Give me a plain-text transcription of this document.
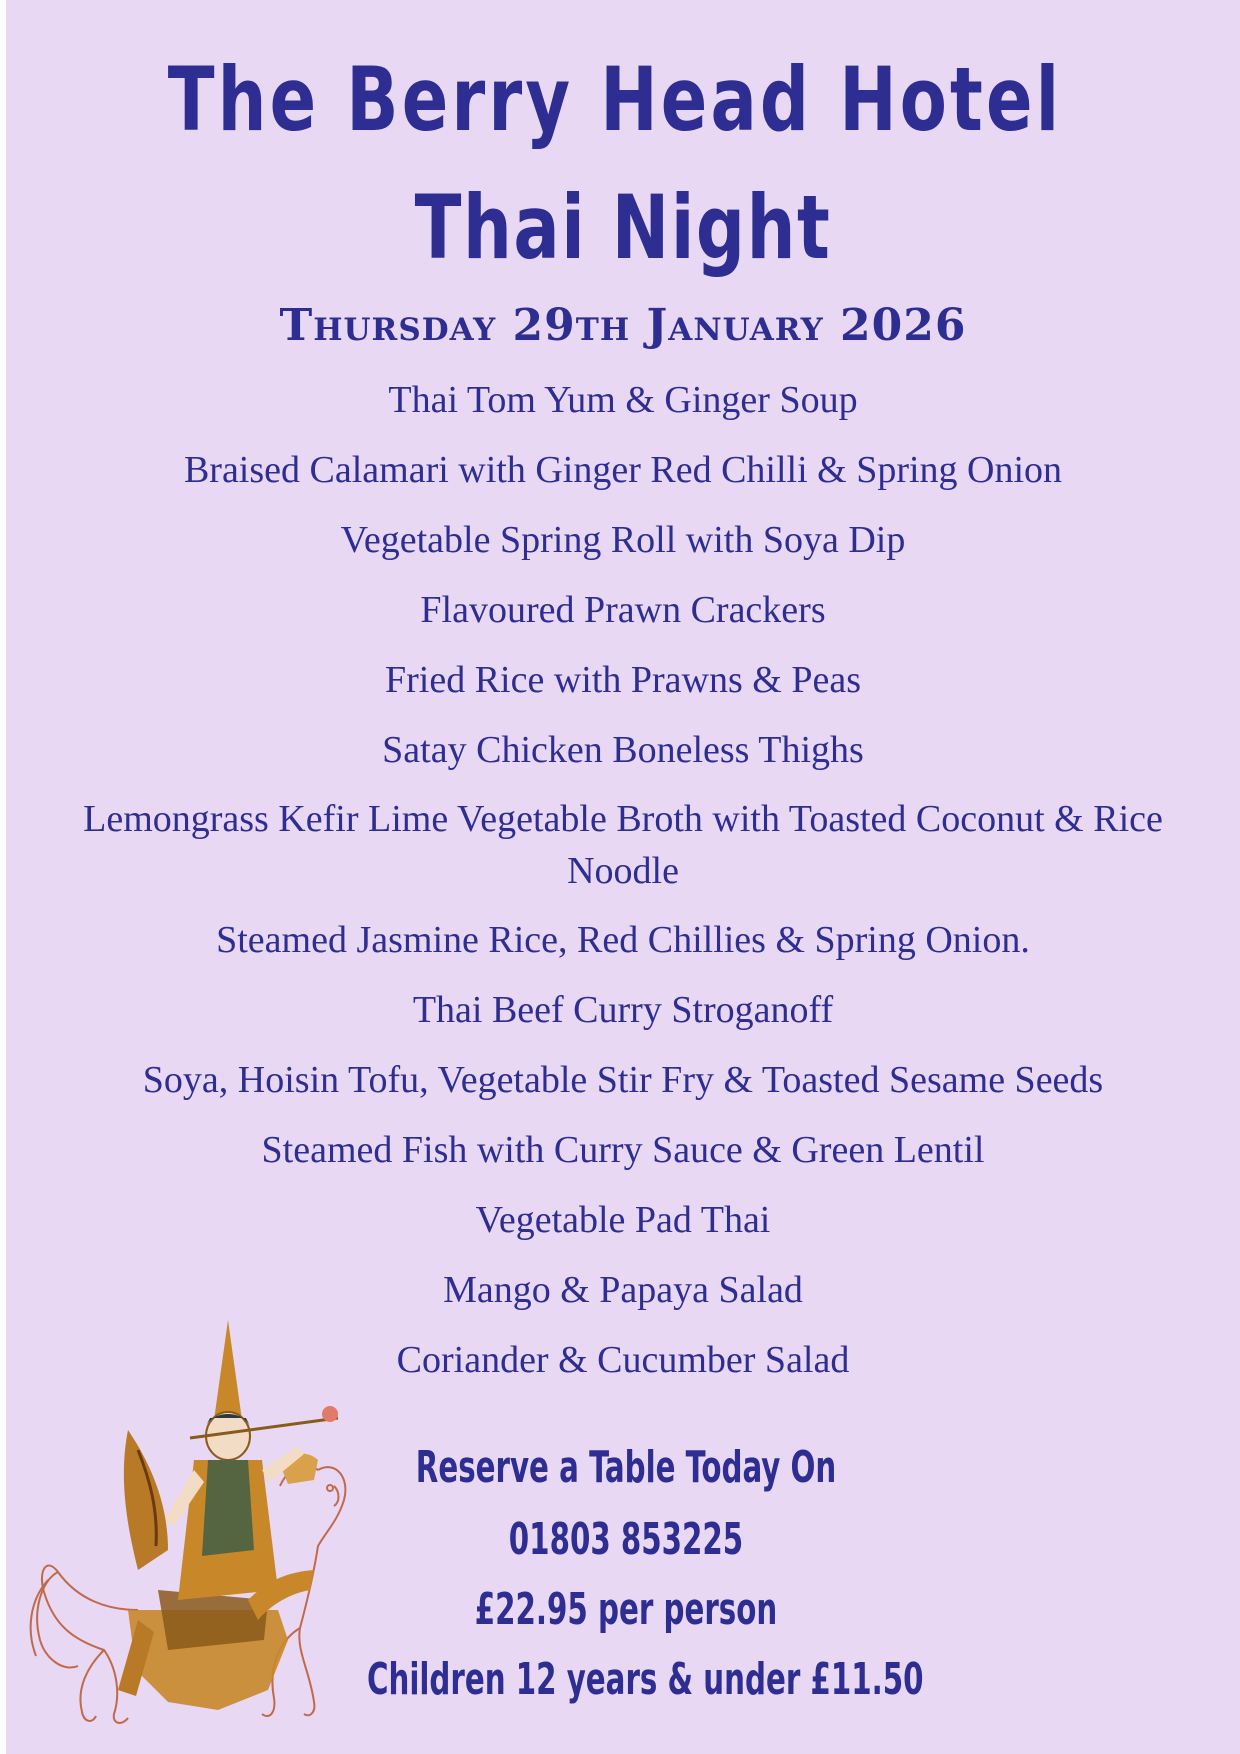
The Berry Head Hotel
Thai Night
Thursday 29th January 2026
Thai Tom Yum & Ginger Soup
Braised Calamari with Ginger Red Chilli & Spring Onion
Vegetable Spring Roll with Soya Dip
Flavoured Prawn Crackers
Fried Rice with Prawns & Peas
Satay Chicken Boneless Thighs
Lemongrass Kefir Lime Vegetable Broth with Toasted Coconut & Rice Noodle
Steamed Jasmine Rice, Red Chillies & Spring Onion.
Thai Beef Curry Stroganoff
Soya, Hoisin Tofu, Vegetable Stir Fry & Toasted Sesame Seeds
Steamed Fish with Curry Sauce & Green Lentil
Vegetable Pad Thai
Mango & Papaya Salad
Coriander & Cucumber Salad
Reserve a Table Today On
01803 853225
£22.95 per person
Children 12 years & under £11.50
